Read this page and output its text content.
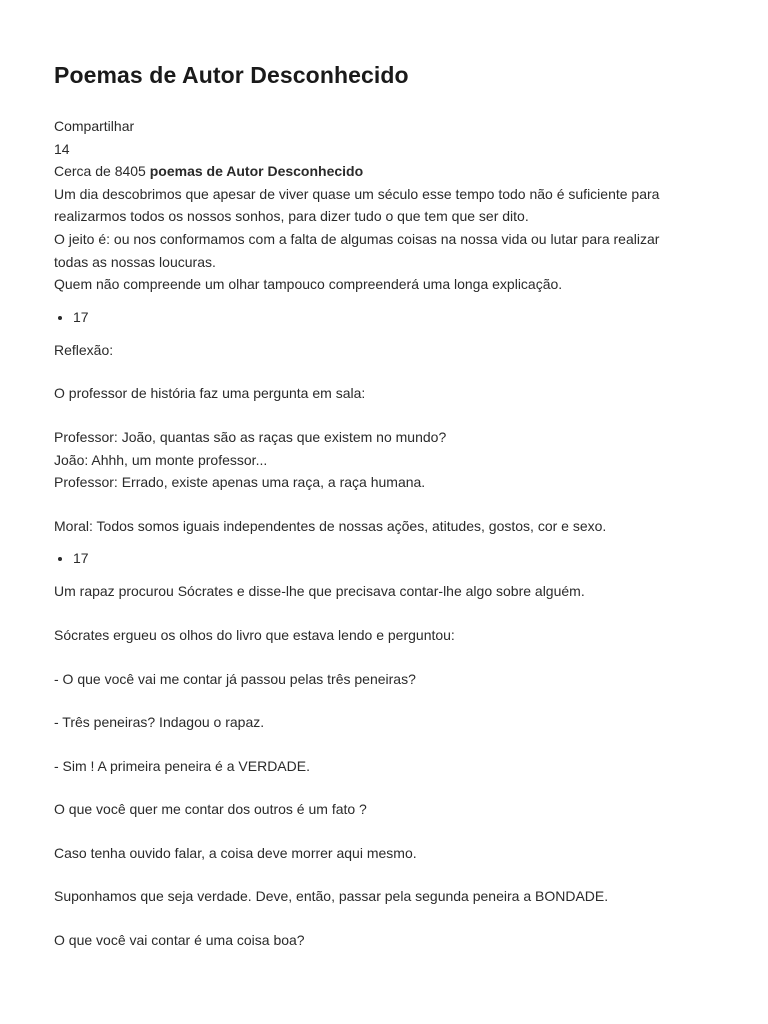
Poemas de Autor Desconhecido
Compartilhar
14
Cerca de 8405 poemas de Autor Desconhecido
Um dia descobrimos que apesar de viver quase um século esse tempo todo não é suficiente para
realizarmos todos os nossos sonhos, para dizer tudo o que tem que ser dito.
O jeito é: ou nos conformamos com a falta de algumas coisas na nossa vida ou lutar para realizar
todas as nossas loucuras.
Quem não compreende um olhar tampouco compreenderá uma longa explicação.
• 17

Reflexão:

O professor de história faz uma pergunta em sala:

Professor: João, quantas são as raças que existem no mundo?
João: Ahhh, um monte professor...
Professor: Errado, existe apenas uma raça, a raça humana.

Moral: Todos somos iguais independentes de nossas ações, atitudes, gostos, cor e sexo.

• 17

Um rapaz procurou Sócrates e disse-lhe que precisava contar-lhe algo sobre alguém.

Sócrates ergueu os olhos do livro que estava lendo e perguntou:

- O que você vai me contar já passou pelas três peneiras?

- Três peneiras? Indagou o rapaz.

- Sim ! A primeira peneira é a VERDADE.

O que você quer me contar dos outros é um fato ?

Caso tenha ouvido falar, a coisa deve morrer aqui mesmo.

Suponhamos que seja verdade. Deve, então, passar pela segunda peneira a BONDADE.

O que você vai contar é uma coisa boa?
